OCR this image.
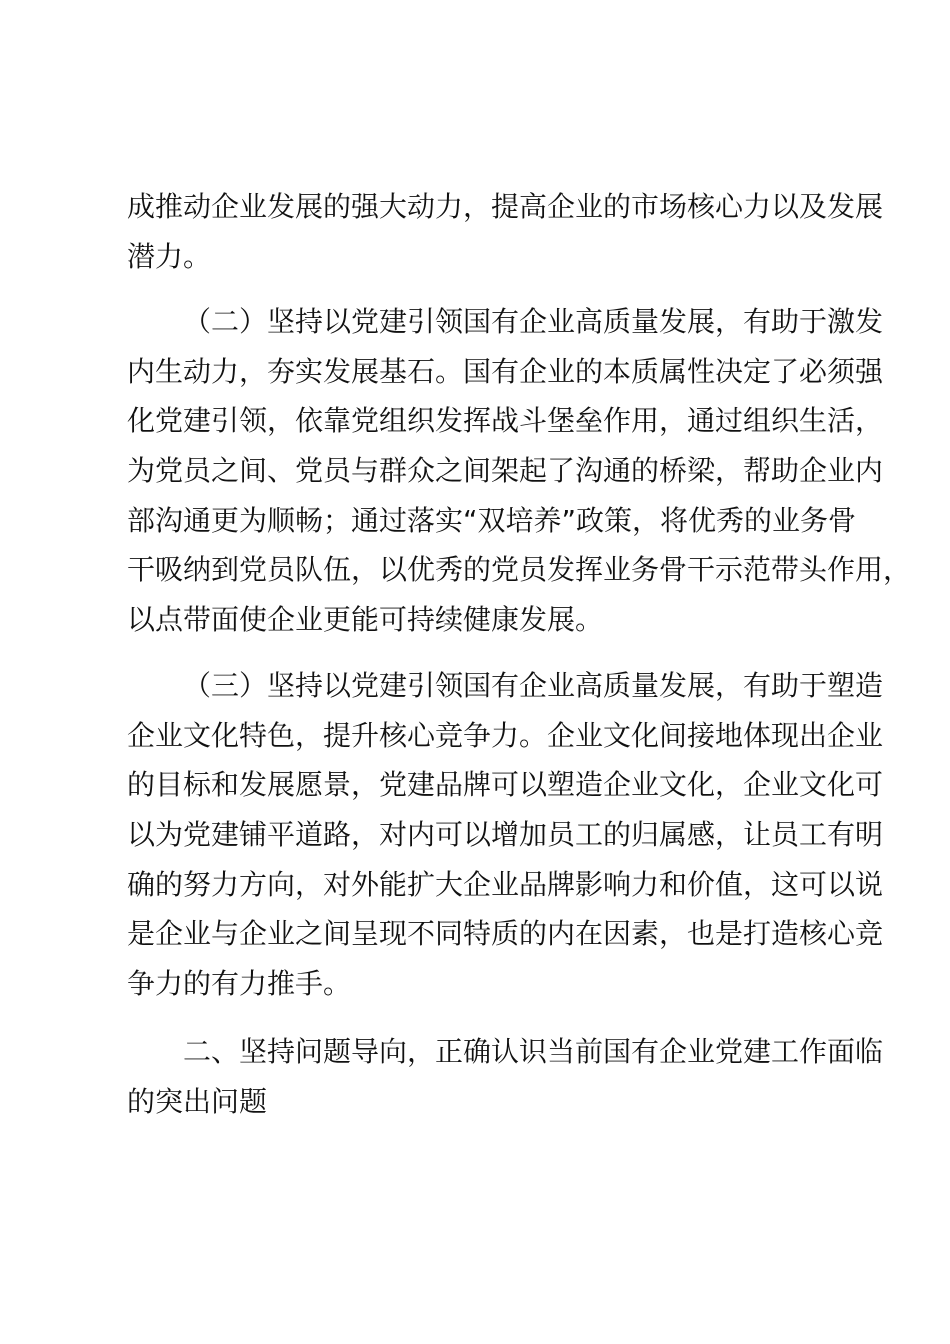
成推动企业发展的强大动力，提高企业的市场核心力以及发展
潜力。
（二）坚持以党建引领国有企业高质量发展，有助于激发
内生动力，夯实发展基石。国有企业的本质属性决定了必须强
化党建引领，依靠党组织发挥战斗堡垒作用，通过组织生活，
为党员之间、党员与群众之间架起了沟通的桥梁，帮助企业内
部沟通更为顺畅；通过落实“双培养”政策，将优秀的业务骨
干吸纳到党员队伍，以优秀的党员发挥业务骨干示范带头作用，
以点带面使企业更能可持续健康发展。
（三）坚持以党建引领国有企业高质量发展，有助于塑造
企业文化特色，提升核心竞争力。企业文化间接地体现出企业
的目标和发展愿景，党建品牌可以塑造企业文化，企业文化可
以为党建铺平道路，对内可以增加员工的归属感，让员工有明
确的努力方向，对外能扩大企业品牌影响力和价值，这可以说
是企业与企业之间呈现不同特质的内在因素，也是打造核心竞
争力的有力推手。
二、坚持问题导向，正确认识当前国有企业党建工作面临
的突出问题
